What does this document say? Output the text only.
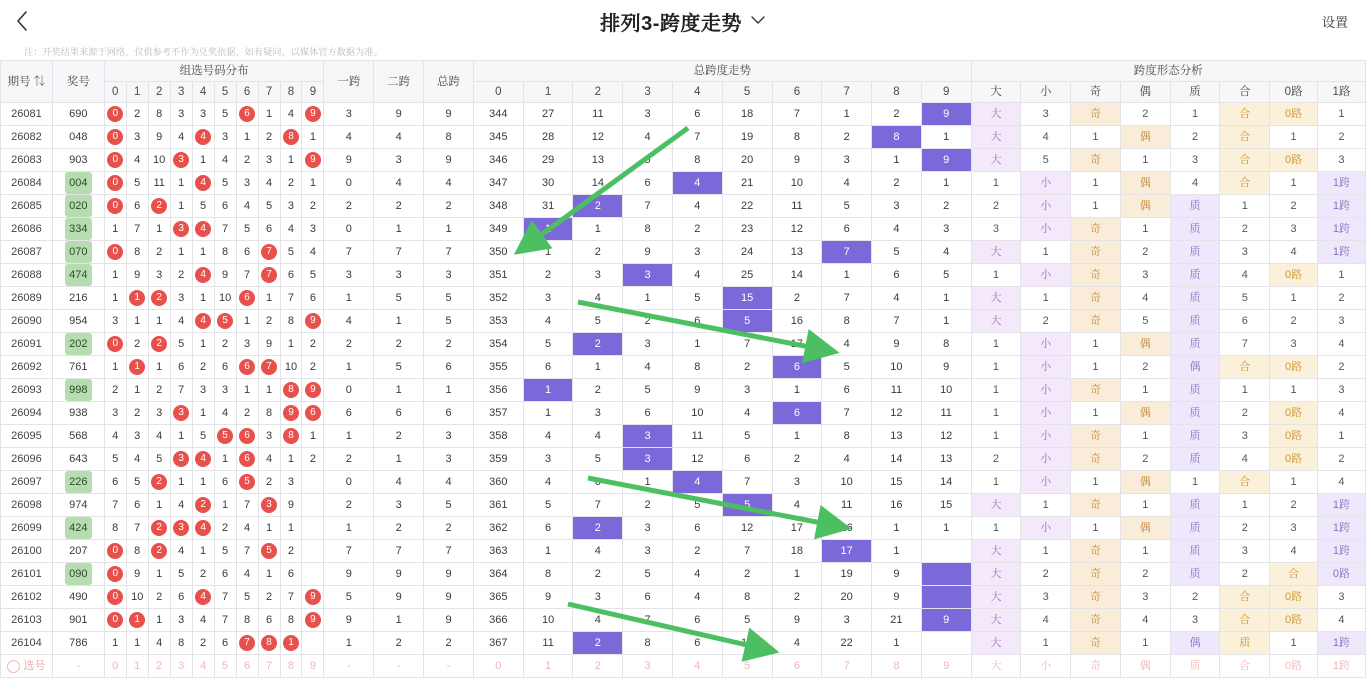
排列3-跨度走势	设置
注：开奖结果来源于网络，仅供参考不作为兑奖依据，如有疑问，以媒体官方数据为准。
期号 ⇅	奖号	组选号码分布										一跨	二跨	总跨	总跨度走势										跨度形态分析							
		0	1	2	3	4	5	6	7	8	9				0	1	2	3	4	5	6	7	8	9	大	小	奇	偶	质	合	0路	1路
26081	690	0	2	8	3	3	5	6	1	4	9	3	9	9	344	27	11	3	6	18	7	1	2	9	大	3	奇	2	1	合	0路	1
26082	048	0	3	9	4	4	3	1	2	8	1	4	4	8	345	28	12	4	7	19	8	2	8	1	大	4	1	偶	2	合	1	2
26083	903	0	4	10	3	1	4	2	3	1	9	9	3	9	346	29	13	5	8	20	9	3	1	9	大	5	奇	1	3	合	0路	3
26084	004	0	5	11	1	4	5	3	4	2	1	0	4	4	347	30	14	6	4	21	10	4	2	1	1	小	1	偶	4	合	1	1跨
26085	020	0	6	2	1	5	6	4	5	3	2	2	2	2	348	31	2	7	4	22	11	5	3	2	2	小	1	偶	质	1	2	1跨
26086	334	1	7	1	3	4	7	5	6	4	3	0	1	1	349	1	1	8	2	23	12	6	4	3	3	小	奇	1	质	2	3	1跨
26087	070	0	8	2	1	1	8	6	7	5	4	7	7	7	350	1	2	9	3	24	13	7	5	4	大	1	奇	2	质	3	4	1跨
26088	474	1	9	3	2	4	9	7	7	6	5	3	3	3	351	2	3	3	4	25	14	1	6	5	1	小	奇	3	质	4	0路	1
26089	216	1	1	2	3	1	10	6	1	7	6	1	5	5	352	3	4	1	5	15	2	7	4	1	大	1	奇	4	质	5	1	2
26090	954	3	1	1	4	4	5	1	2	8	9	4	1	5	353	4	5	2	6	5	16	8	7	1	大	2	奇	5	质	6	2	3
26091	202	0	2	2	5	1	2	3	9	1	2	2	2	2	354	5	2	3	1	7	17	4	9	8	1	小	1	偶	质	7	3	4
26092	761	1	1	1	6	2	6	6	7	10	2	1	5	6	355	6	1	4	8	2	6	5	10	9	1	小	1	2	偶	合	0路	2
26093	998	2	1	2	7	3	3	1	1	8	9	0	1	1	356	1	2	5	9	3	1	6	11	10	1	小	奇	1	质	1	1	3
26094	938	3	2	3	3	1	4	2	8	9	6	6	6	6	357	1	3	6	10	4	6	7	12	11	1	小	1	偶	质	2	0路	4
26095	568	4	3	4	1	5	5	6	3	8	1	1	2	3	358	4	4	3	11	5	1	8	13	12	1	小	奇	1	质	3	0路	1
26096	643	5	4	5	3	4	1	6	4	1	2	2	1	3	359	3	5	3	12	6	2	4	14	13	2	小	奇	2	质	4	0路	2
26097	226	6	5	2	1	1	6	5	2	3		0	4	4	360	4	6	1	4	7	3	10	15	14	1	小	1	偶	1	合	1	4
26098	974	7	6	1	4	2	1	7	3	9		2	3	5	361	5	7	2	5	5	4	11	16	15	大	1	奇	1	质	1	2	1跨
26099	424	8	7	2	3	4	2	4	1	1		1	2	2	362	6	2	3	6	12	17	16	1	1	1	小	1	偶	质	2	3	1跨
26100	207	0	8	2	4	1	5	7	5	2		7	7	7	363	1	4	3	2	7	18	17	1		大	1	奇	1	质	3	4	1跨
26101	090	0	9	1	5	2	6	4	1	6		9	9	9	364	8	2	5	4	2	1	19	9		大	2	奇	2	质	2	合	0路
26102	490	0	10	2	6	4	7	5	2	7	9	5	9	9	365	9	3	6	4	8	2	20	9		大	3	奇	3	2	合	0路	3
26103	901	0	1	1	3	4	7	8	6	8	9	9	1	9	366	10	4	7	6	5	9	3	21	9	大	4	奇	4	3	合	0路	4
26104	786	1	1	4	8	2	6	7	8	1		1	2	2	367	11	2	8	6	10	4	22	1		大	1	奇	1	偶	质	1	1跨
选号	-	0	1	2	3	4	5	6	7	8	9	-	-	-	0	1	2	3	4	5	6	7	8	9	大	小	奇	偶	质	合	0路	1跨
